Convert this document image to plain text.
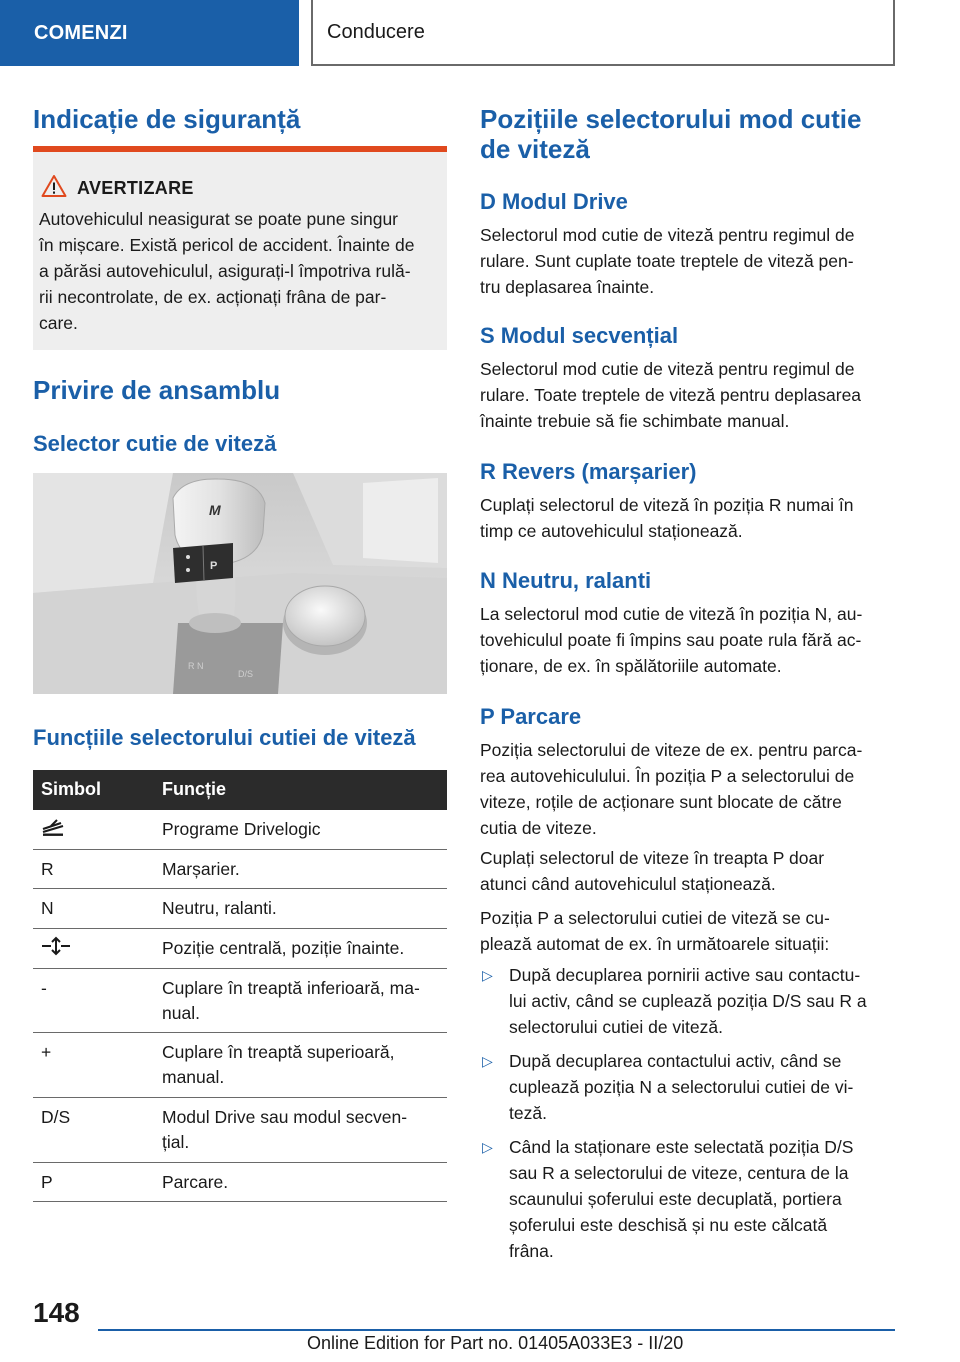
COMENZI	Conducere
Indicație de siguranță
AVERTIZARE
Autovehiculul neasigurat se poate pune singur
în mișcare. Există pericol de accident. Înainte de
a părăsi autovehiculul, asigurați-l împotriva rulă-
rii necontrolate, de ex. acționați frâna de par-
care.
Privire de ansamblu
Selector cutie de viteză
R N
D/S
P
M
Funcțiile selectorului cutiei de viteză
Simbol	Funcție
Programe Drivelogic
R	Marșarier.
N	Neutru, ralanti.
Poziție centrală, poziție înainte.
-	Cuplare în treaptă inferioară, ma-
nual.
+	Cuplare în treaptă superioară,
manual.
D/S	Modul Drive sau modul secven-
țial.
P	Parcare.
Pozițiile selectorului mod cutie
de viteză
D Modul Drive
Selectorul mod cutie de viteză pentru regimul de
rulare. Sunt cuplate toate treptele de viteză pen-
tru deplasarea înainte.
S Modul secvențial
Selectorul mod cutie de viteză pentru regimul de
rulare. Toate treptele de viteză pentru deplasarea
înainte trebuie să fie schimbate manual.
R Revers (marșarier)
Cuplați selectorul de viteză în poziția R numai în
timp ce autovehiculul staționează.
N Neutru, ralanti
La selectorul mod cutie de viteză în poziția N, au-
tovehiculul poate fi împins sau poate rula fără ac-
ționare, de ex. în spălătoriile automate.
P Parcare
Poziția selectorului de viteze de ex. pentru parca-
rea autovehiculului. În poziția P a selectorului de
viteze, roțile de acționare sunt blocate de către
cutia de viteze.
Cuplați selectorul de viteze în treapta P doar
atunci când autovehiculul staționează.
Poziția P a selectorului cutiei de viteză se cu-
plează automat de ex. în următoarele situații:
▷ După decuplarea pornirii active sau contactu-
lui activ, când se cuplează poziția D/S sau R a
selectorului cutiei de viteză.
▷ După decuplarea contactului activ, când se
cuplează poziția N a selectorului cutiei de vi-
teză.
▷ Când la staționare este selectată poziția D/S
sau R a selectorului de viteze, centura de la
scaunului șoferului este decuplată, portiera
șoferului este deschisă și nu este călcată
frâna.
148
Online Edition for Part no. 01405A033E3 - II/20
